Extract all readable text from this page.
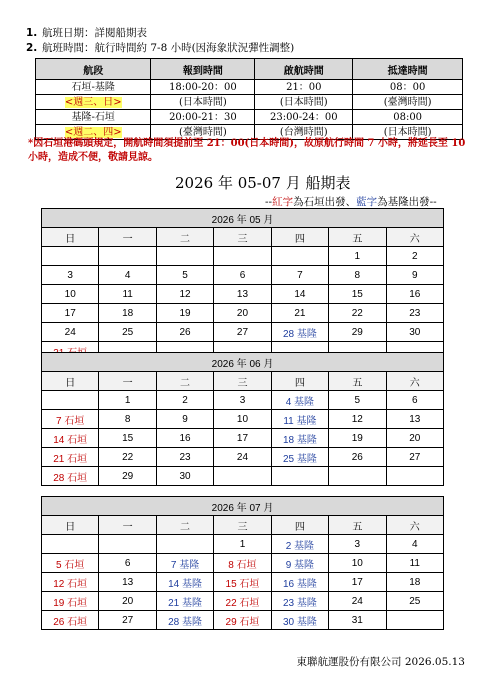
1. 航班日期：詳閱船期表
2. 航班時間：航行時間約 7-8 小時(因海象狀況彈性調整)
航段	報到時間	啟航時間	抵達時間
石垣-基隆	18:00-20：00	21：00	08：00
<週三、日>	(日本時間)	(日本時間)	(臺灣時間)
基隆-石垣	20:00-21：30	23:00-24：00	08:00
<週二、四>	(臺灣時間)	(台灣時間)	(日本時間)
*因石垣港碼頭規定，開航時間須提前至 21：00(日本時間)，故原航行時間 7 小時，將延長至 10 小時，造成不便，敬請見諒。
2026 年 05-07 月 船期表
--紅字為石垣出發、藍字為基隆出發--
2026 年 05 月						
日	一	二	三	四	五	六
					1	2
3	4	5	6	7	8	9
10	11	12	13	14	15	16
17	18	19	20	21	22	23
24	25	26	27	28 基隆	29	30

2026 年 06 月						
日	一	二	三	四	五	六
	1	2	3	4 基隆	5	6
7 石垣	8	9	10	11 基隆	12	13
14 石垣	15	16	17	18 基隆	19	20
21 石垣	22	23	24	25 基隆	26	27
28 石垣	29	30				
2026 年 07 月						
日	一	二	三	四	五	六
			1	2 基隆	3	4
5 石垣	6	7 基隆	8 石垣	9 基隆	10	11
12 石垣	13	14 基隆	15 石垣	16 基隆	17	18
19 石垣	20	21 基隆	22 石垣	23 基隆	24	25
26 石垣	27	28 基隆	29 石垣	30 基隆	31	
東聯航運股份有限公司 2026.05.13
